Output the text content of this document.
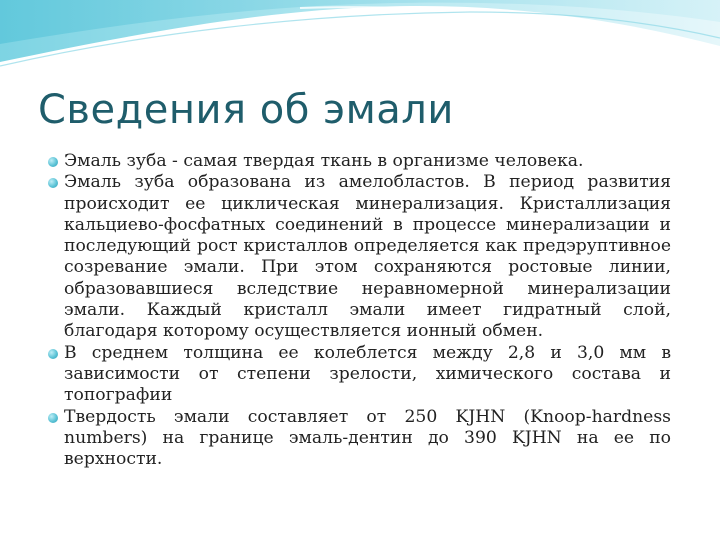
Сведения об эмали
Эмаль зуба - самая твердая ткань в организме человека.
Эмаль зуба образована из амелобластов. В период развития происходит ее циклическая минерализация. Кристаллизация кальциево-фосфатных соединений в процессе минерализации и последующий рост кристаллов определяется как предэруптивное созревание эмали. При этом сохраняются ростовые линии, образовавшиеся вследствие неравномерной минерализации эмали. Каждый кристалл эмали имеет гидратный слой, благодаря которому осуществляется ионный обмен.
В среднем толщина ее колеблется между 2,8 и 3,0 мм в зависимости от степени зрелости, химического состава и топографии
Твердость эмали составляет от 250 KJHN (Knoop-hardness numbers) на границе эмаль-дентин до 390 KJHN на ее по верхности.
